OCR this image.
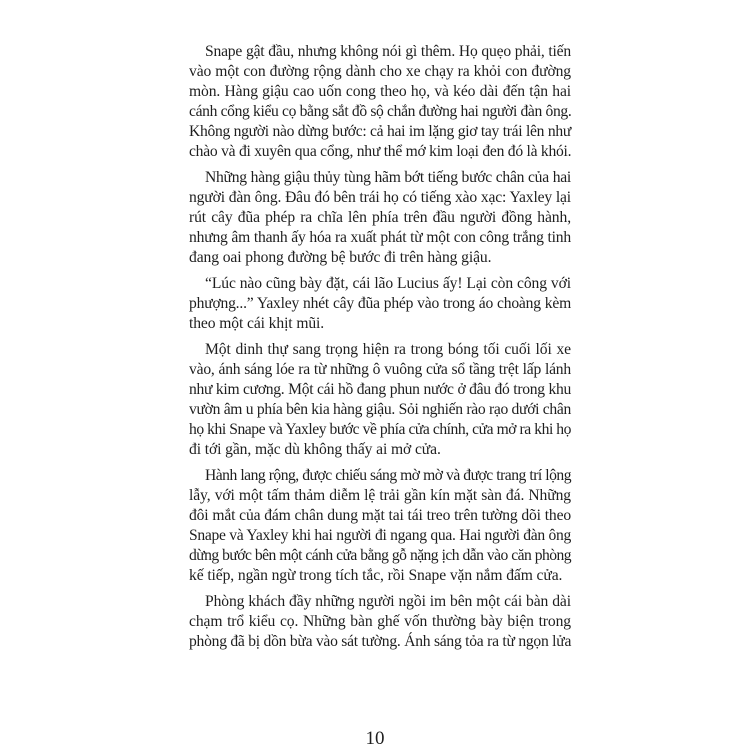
Snape gật đầu, nhưng không nói gì thêm. Họ quẹo phải, tiến
vào một con đường rộng dành cho xe chạy ra khỏi con đường
mòn. Hàng giậu cao uốn cong theo họ, và kéo dài đến tận hai
cánh cổng kiểu cọ bằng sắt đồ sộ chắn đường hai người đàn ông.
Không người nào dừng bước: cả hai im lặng giơ tay trái lên như
chào và đi xuyên qua cổng, như thể mớ kim loại đen đó là khói.
Những hàng giậu thủy tùng hãm bớt tiếng bước chân của hai
người đàn ông. Đâu đó bên trái họ có tiếng xào xạc: Yaxley lại
rút cây đũa phép ra chĩa lên phía trên đầu người đồng hành,
nhưng âm thanh ấy hóa ra xuất phát từ một con công trắng tinh
đang oai phong đường bệ bước đi trên hàng giậu.
“Lúc nào cũng bày đặt, cái lão Lucius ấy! Lại còn công với
phượng...” Yaxley nhét cây đũa phép vào trong áo choàng kèm
theo một cái khịt mũi.
Một dinh thự sang trọng hiện ra trong bóng tối cuối lối xe
vào, ánh sáng lóe ra từ những ô vuông cửa sổ tầng trệt lấp lánh
như kim cương. Một cái hồ đang phun nước ở đâu đó trong khu
vườn âm u phía bên kia hàng giậu. Sỏi nghiến rào rạo dưới chân
họ khi Snape và Yaxley bước về phía cửa chính, cửa mở ra khi họ
đi tới gần, mặc dù không thấy ai mở cửa.
Hành lang rộng, được chiếu sáng mờ mờ và được trang trí lộng
lẫy, với một tấm thảm diễm lệ trải gần kín mặt sàn đá. Những
đôi mắt của đám chân dung mặt tai tái treo trên tường dõi theo
Snape và Yaxley khi hai người đi ngang qua. Hai người đàn ông
dừng bước bên một cánh cửa bằng gỗ nặng ịch dẫn vào căn phòng
kế tiếp, ngần ngừ trong tích tắc, rồi Snape vặn nắm đấm cửa.
Phòng khách đầy những người ngồi im bên một cái bàn dài
chạm trổ kiểu cọ. Những bàn ghế vốn thường bày biện trong
phòng đã bị dồn bừa vào sát tường. Ánh sáng tỏa ra từ ngọn lửa
10
